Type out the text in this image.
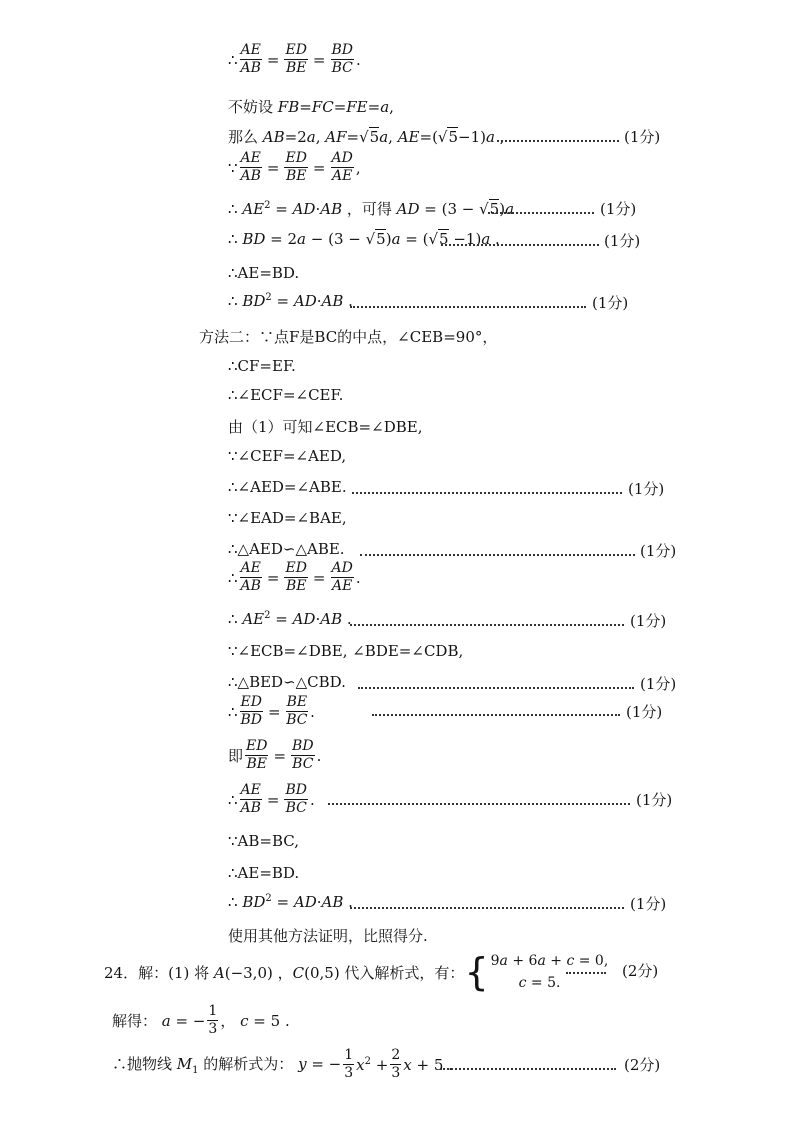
∴ $\frac{AE}{AB} = \frac{ED}{BE} = \frac{BD}{BC}$ .
不妨设 FB=FC=FE=a,
那么 AB=2a, AF=√5a, AE=(√5−1)a ,	(1分)
∵ $\frac{AE}{AB} = \frac{ED}{BE} = \frac{AD}{AE}$ ,
∴ $AE^2 = AD\cdot AB$ ，可得 AD = (3 − √5)a .	(1分)
∴ BD = 2a − (3 − √5)a = (√5 −1)a .	(1分)
∴AE=BD.
∴ $BD^2 = AD\cdot AB$ .	(1分)
方法二：∵点F是BC的中点，∠CEB=90°，
∴CF=EF.
∴∠ECF=∠CEF.
由（1）可知∠ECB=∠DBE,
∵∠CEF=∠AED,
∴∠AED=∠ABE.	(1分)
∵∠EAD=∠BAE,
∴△AED∽△ABE.	(1分)
∴ $\frac{AE}{AB} = \frac{ED}{BE} = \frac{AD}{AE}$ .
∴ $AE^2 = AD\cdot AB$ .	(1分)
∵∠ECB=∠DBE, ∠BDE=∠CDB,
∴△BED∽△CBD.	(1分)
∴ $\frac{ED}{BD} = \frac{BE}{BC}$ .	(1分)
即 $\frac{ED}{BE} = \frac{BD}{BC}$ .
∴ $\frac{AE}{AB} = \frac{BD}{BC}$ .	(1分)
∵AB=BC,
∴AE=BD.
∴ $BD^2 = AD\cdot AB$ .	(1分)
使用其他方法证明，比照得分.
24．解：(1) 将 A(−3,0) ，C(0,5) 代入解析式，有： { 9a + 6a + c = 0,
c = 5.
(2分)
解得： a = − $\frac{1}{3}$ ， c = 5 .
∴抛物线 $M_1$ 的解析式为： y = − $\frac{1}{3} x^2 + \frac{2}{3}$ x + 5 .	(2分)
